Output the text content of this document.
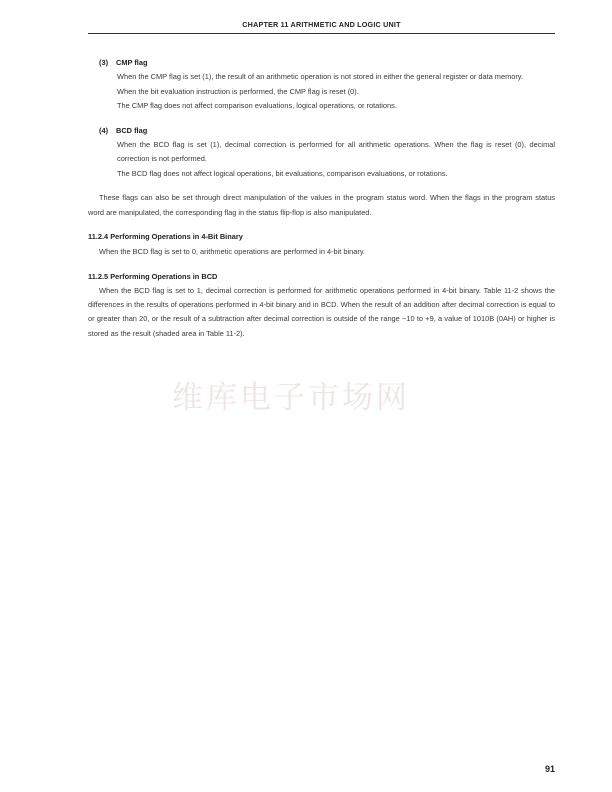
CHAPTER 11 ARITHMETIC AND LOGIC UNIT
(3) CMP flag

When the CMP flag is set (1), the result of an arithmetic operation is not stored in either the general register or data memory.

When the bit evaluation instruction is performed, the CMP flag is reset (0).

The CMP flag does not affect comparison evaluations, logical operations, or rotations.

(4) BCD flag

When the BCD flag is set (1), decimal correction is performed for all arithmetic operations. When the flag is reset (0), decimal correction is not performed.

The BCD flag does not affect logical operations, bit evaluations, comparison evaluations, or rotations.

These flags can also be set through direct manipulation of the values in the program status word. When the flags in the program status word are manipulated, the corresponding flag in the status flip-flop is also manipulated.

11.2.4 Performing Operations in 4-Bit Binary

When the BCD flag is set to 0, arithmetic operations are performed in 4-bit binary.

11.2.5 Performing Operations in BCD

When the BCD flag is set to 1, decimal correction is performed for arithmetic operations performed in 4-bit binary. Table 11-2 shows the differences in the results of operations performed in 4-bit binary and in BCD. When the result of an addition after decimal correction is equal to or greater than 20, or the result of a subtraction after decimal correction is outside of the range −10 to +9, a value of 1010B (0AH) or higher is stored as the result (shaded area in Table 11-2).

维库电子市场网
91
